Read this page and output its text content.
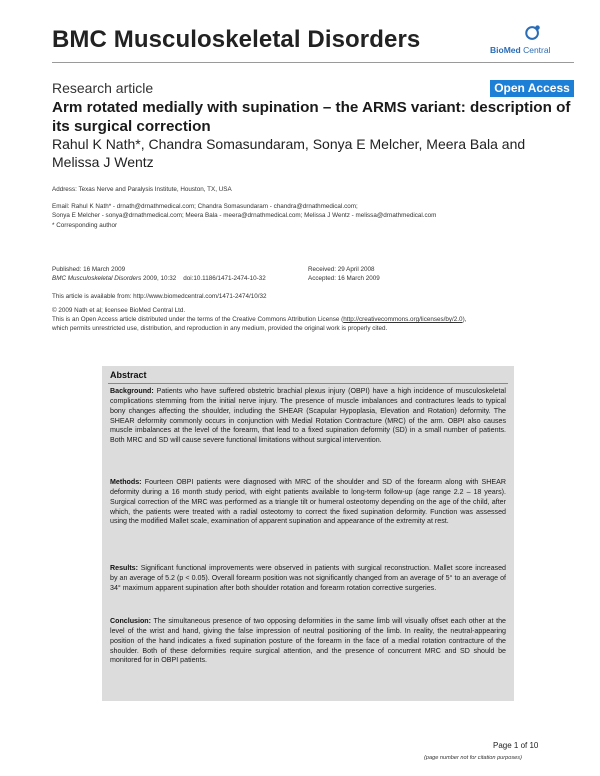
BMC Musculoskeletal Disorders	BioMed Central
Research article	Open Access
Arm rotated medially with supination – the ARMS variant: description of its surgical correction
Rahul K Nath*, Chandra Somasundaram, Sonya E Melcher, Meera Bala and Melissa J Wentz
Address: Texas Nerve and Paralysis Institute, Houston, TX, USA
Email: Rahul K Nath* - drnath@drnathmedical.com; Chandra Somasundaram - chandra@drnathmedical.com;
Sonya E Melcher - sonya@drnathmedical.com; Meera Bala - meera@drnathmedical.com; Melissa J Wentz - melissa@drnathmedical.com
* Corresponding author
Published: 16 March 2009
BMC Musculoskeletal Disorders 2009, 10:32 doi:10.1186/1471-2474-10-32
Received: 29 April 2008
Accepted: 16 March 2009
This article is available from: http://www.biomedcentral.com/1471-2474/10/32
© 2009 Nath et al; licensee BioMed Central Ltd.
This is an Open Access article distributed under the terms of the Creative Commons Attribution License (http://creativecommons.org/licenses/by/2.0),
which permits unrestricted use, distribution, and reproduction in any medium, provided the original work is properly cited.
Abstract
Background: Patients who have suffered obstetric brachial plexus injury (OBPI) have a high incidence of musculoskeletal complications stemming from the initial nerve injury. The presence of muscle imbalances and contractures leads to typical bony changes affecting the shoulder, including the SHEAR (Scapular Hypoplasia, Elevation and Rotation) deformity. The SHEAR deformity commonly occurs in conjunction with Medial Rotation Contracture (MRC) of the arm. OBPI also causes muscle imbalances at the level of the forearm, that lead to a fixed supination deformity (SD) in a small number of patients. Both MRC and SD will cause severe functional limitations without surgical intervention.
Methods: Fourteen OBPI patients were diagnosed with MRC of the shoulder and SD of the forearm along with SHEAR deformity during a 16 month study period, with eight patients available to long-term follow-up (age range 2.2 – 18 years). Surgical correction of the MRC was performed as a triangle tilt or humeral osteotomy depending on the age of the child, after which, the patients were treated with a radial osteotomy to correct the fixed supination deformity. Function was assessed using the modified Mallet scale, examination of apparent supination and appearance of the extremity at rest.
Results: Significant functional improvements were observed in patients with surgical reconstruction. Mallet score increased by an average of 5.2 (p < 0.05). Overall forearm position was not significantly changed from an average of 5° to an average of 34° maximum apparent supination after both shoulder rotation and forearm rotation corrective surgeries.
Conclusion: The simultaneous presence of two opposing deformities in the same limb will visually offset each other at the level of the wrist and hand, giving the false impression of neutral positioning of the limb. In reality, the neutral-appearing position of the hand indicates a fixed supination posture of the forearm in the face of a medial rotation contracture of the shoulder. Both of these deformities require surgical attention, and the presence of concurrent MRC and SD should be monitored for in OBPI patients.
Page 1 of 10
(page number not for citation purposes)
